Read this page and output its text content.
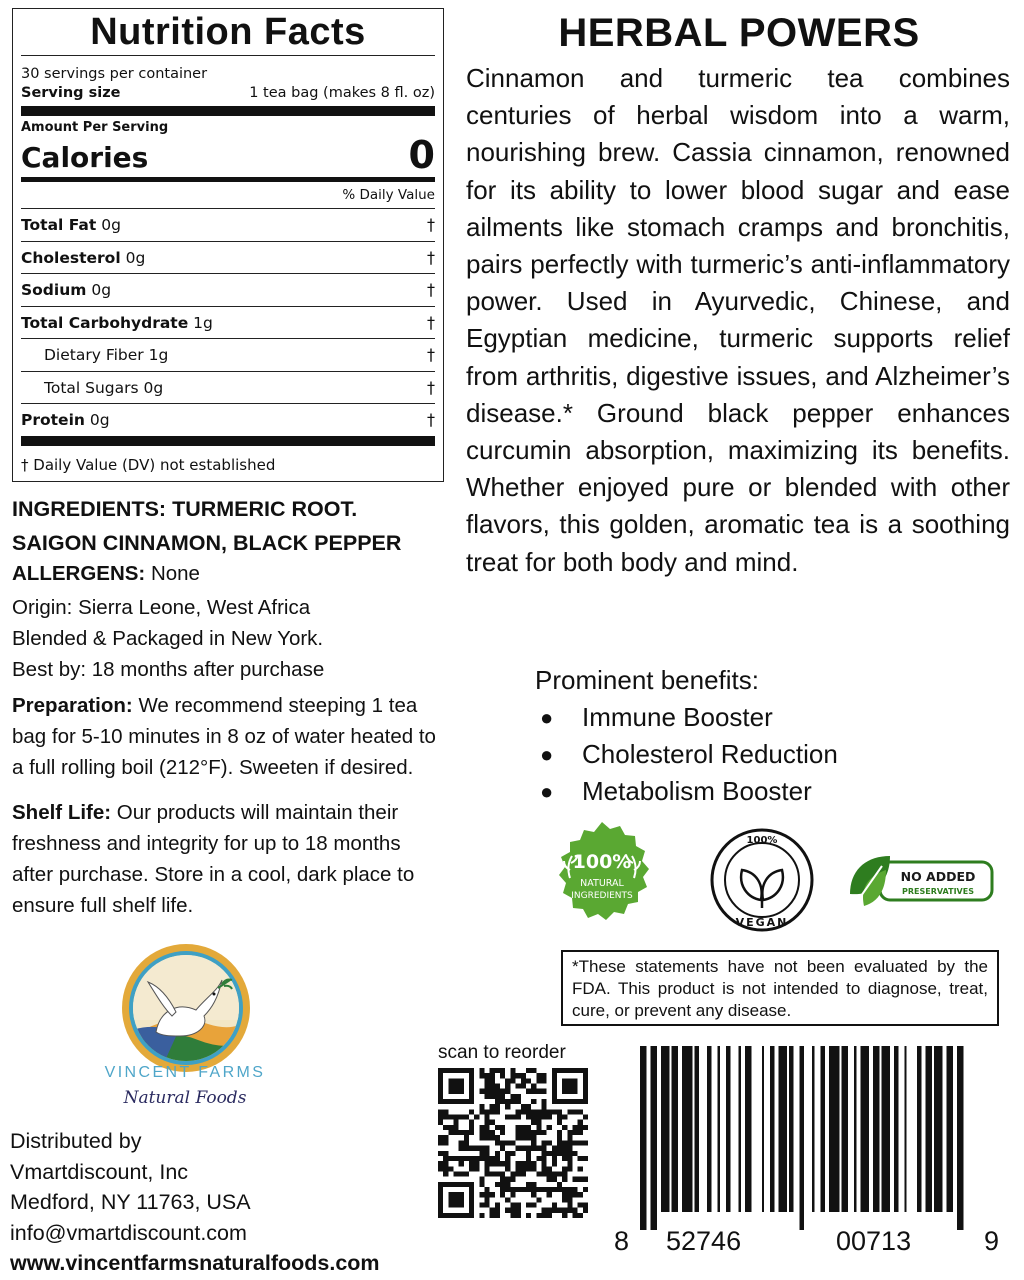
Nutrition Facts
30 servings per container
Serving size	1 tea bag (makes 8 fl. oz)
Amount Per Serving
Calories	0
% Daily Value
Total Fat 0g	†
Cholesterol 0g	†
Sodium 0g	†
Total Carbohydrate 1g	†
Dietary Fiber 1g	†
Total Sugars 0g	†
Protein 0g	†
† Daily Value (DV) not established
INGREDIENTS: TURMERIC ROOT.
SAIGON CINNAMON, BLACK PEPPER
ALLERGENS: None
Origin: Sierra Leone, West Africa
Blended & Packaged in New York.
Best by: 18 months after purchase
Preparation: We recommend steeping 1 tea
bag for 5-10 minutes in 8 oz of water heated to
a full rolling boil (212°F). Sweeten if desired.
Shelf Life: Our products will maintain their
freshness and integrity for up to 18 months
after purchase. Store in a cool, dark place to
ensure full shelf life.
HERBAL POWERS
Cinnamon and turmeric tea combines centuries of herbal wisdom into a warm, nourishing brew. Cassia cinnamon, renowned for its ability to lower blood sugar and ease ailments like stomach cramps and bronchitis, pairs perfectly with turmeric’s anti-inflammatory power. Used in Ayurvedic, Chinese, and Egyptian medicine, turmeric supports relief from arthritis, digestive issues, and Alzheimer’s disease.* Ground black pepper enhances curcumin absorption, maximizing its benefits. Whether enjoyed pure or blended with other flavors, this golden, aromatic tea is a soothing treat for both body and mind.
Prominent benefits:
●	Immune Booster
●	Cholesterol Reduction
●	Metabolism Booster
100%
NATURAL
INGREDIENTS
100%
VEGAN
NO ADDED
PRESERVATIVES
*These statements have not been evaluated by the FDA. This product is not intended to diagnose, treat, cure, or prevent any disease.
VINCENT FARMS
Natural Foods
Distributed by
Vmartdiscount, Inc
Medford, NY 11763, USA
info@vmartdiscount.com
www.vincentfarmsnaturalfoods.com
scan to reorder
8 52746	00713	9
